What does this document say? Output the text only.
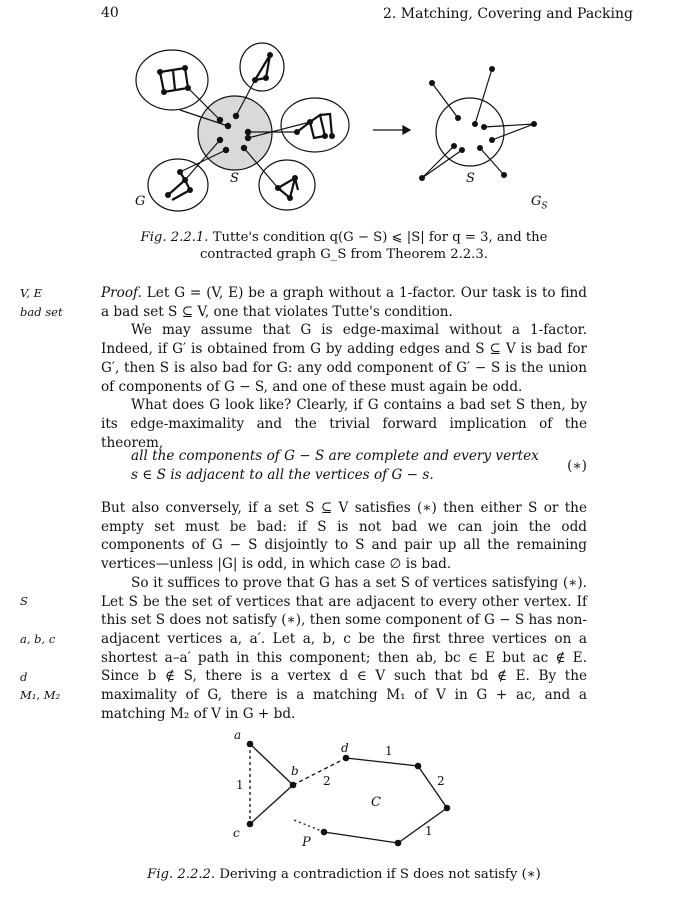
40	2. Matching, Covering and Packing
S
G
S
$G_S$
Fig. 2.2.1. Tutte's condition q(G − S) ⩽ |S| for q = 3, and the
contracted graph G_S from Theorem 2.2.3.
V, E
bad set
S
a, b, c
d
M₁, M₂

Proof. Let G = (V, E) be a graph without a 1-factor. Our task is to find a bad set S ⊆ V, one that violates Tutte's condition.

We may assume that G is edge-maximal without a 1-factor. Indeed, if G′ is obtained from G by adding edges and S ⊆ V is bad for G′, then S is also bad for G: any odd component of G′ − S is the union of components of G − S, and one of these must again be odd.

What does G look like? Clearly, if G contains a bad set S then, by its edge-maximality and the trivial forward implication of the theorem,

all the components of G − S are complete and every vertex
s ∈ S is adjacent to all the vertices of G − s.
(∗)

But also conversely, if a set S ⊆ V satisfies (∗) then either S or the empty set must be bad: if S is not bad we can join the odd components of G − S disjointly to S and pair up all the remaining vertices—unless |G| is odd, in which case ∅ is bad.

So it suffices to prove that G has a set S of vertices satisfying (∗). Let S be the set of vertices that are adjacent to every other vertex. If this set S does not satisfy (∗), then some component of G − S has non-adjacent vertices a, a′. Let a, b, c be the first three vertices on a shortest a–a′ path in this component; then ab, bc ∈ E but ac ∉ E. Since b ∉ S, there is a vertex d ∈ V such that bd ∉ E. By the maximality of G, there is a matching M₁ of V in G + ac, and a matching M₂ of V in G + bd.

a
b
c
d
C
P
1
1
2
2
1
Fig. 2.2.2. Deriving a contradiction if S does not satisfy (∗)
